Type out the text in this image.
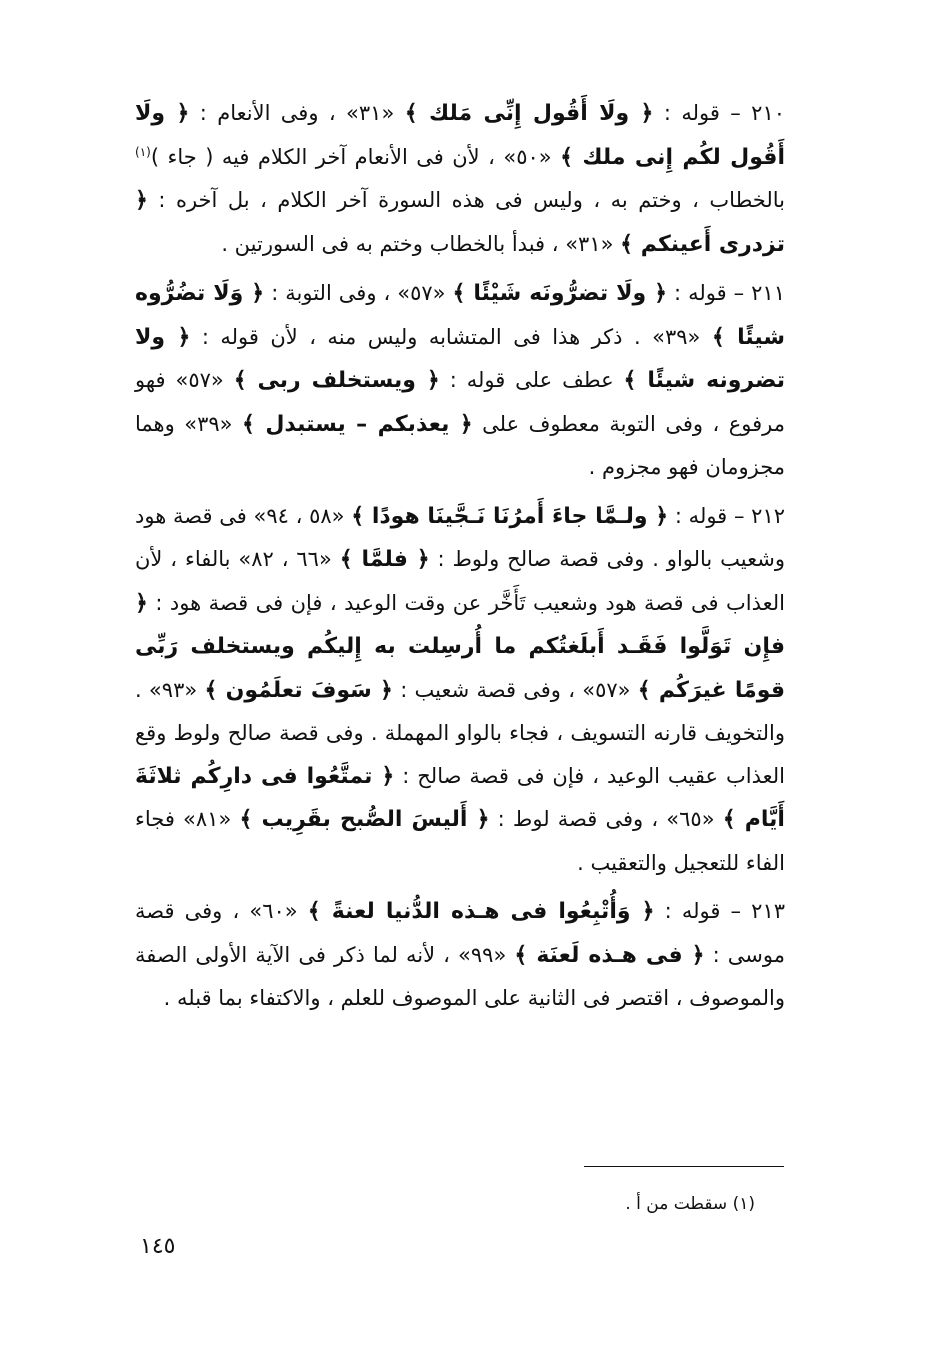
٢١٠ – قوله : ﴿ ولَا أَقُول إِنِّى مَلك ﴾ «٣١» ، وفى الأنعام : ﴿ ولَا أَقُول لكُم إِنى ملك ﴾ «٥٠» ، لأن فى الأنعام آخر الكلام فيه ( جاء )$^{(١)}$ بالخطاب ، وختم به ، وليس فى هذه السورة آخر الكلام ، بل آخره : ﴿ تزدرى أَعينكم ﴾ «٣١» ، فبدأ بالخطاب وختم به فى السورتين .

٢١١ – قوله : ﴿ ولَا تضرُّونَه شَيْئًا ﴾ «٥٧» ، وفى التوبة : ﴿ وَلَا تضُرُّوه شيئًا ﴾ «٣٩» . ذكر هذا فى المتشابه وليس منه ، لأن قوله : ﴿ ولا تضرونه شيئًا ﴾ عطف على قوله : ﴿ ويستخلف ربى ﴾ «٥٧» فهو مرفوع ، وفى التوبة معطوف على ﴿ يعذبكم – يستبدل ﴾ «٣٩» وهما مجزومان فهو مجزوم .

٢١٢ – قوله : ﴿ ولـمَّا جاءَ أَمرُنَا نَـجَّينَا هودًا ﴾ «٥٨ ، ٩٤» فى قصة هود وشعيب بالواو . وفى قصة صالح ولوط : ﴿ فلمَّا ﴾ «٦٦ ، ٨٢» بالفاء ، لأن العذاب فى قصة هود وشعيب تَأَخَّر عن وقت الوعيد ، فإن فى قصة هود : ﴿ فإِن تَوَلَّوا فَقَـد أَبلَغتُكم ما أُرسِلت به إِليكُم ويستخلف رَبِّى قومًا غيرَكُم ﴾ «٥٧» ، وفى قصة شعيب : ﴿ سَوفَ تعلَمُون ﴾ «٩٣» . والتخويف قارنه التسويف ، فجاء بالواو المهملة . وفى قصة صالح ولوط وقع العذاب عقيب الوعيد ، فإن فى قصة صالح : ﴿ تمتَّعُوا فى دارِكُم ثلاثَةَ أَيَّام ﴾ «٦٥» ، وفى قصة لوط : ﴿ أَليسَ الصُّبح بقَرِيب ﴾ «٨١» فجاء الفاء للتعجيل والتعقيب .

٢١٣ – قوله : ﴿ وَأُتْبِعُوا فى هـذه الدُّنيا لعنةً ﴾ «٦٠» ، وفى قصة موسى : ﴿ فى هـذه لَعنَة ﴾ «٩٩» ، لأنه لما ذكر فى الآية الأولى الصفة والموصوف ، اقتصر فى الثانية على الموصوف للعلم ، والاكتفاء بما قبله .

(١) سقطت من أ .
١٤٥
